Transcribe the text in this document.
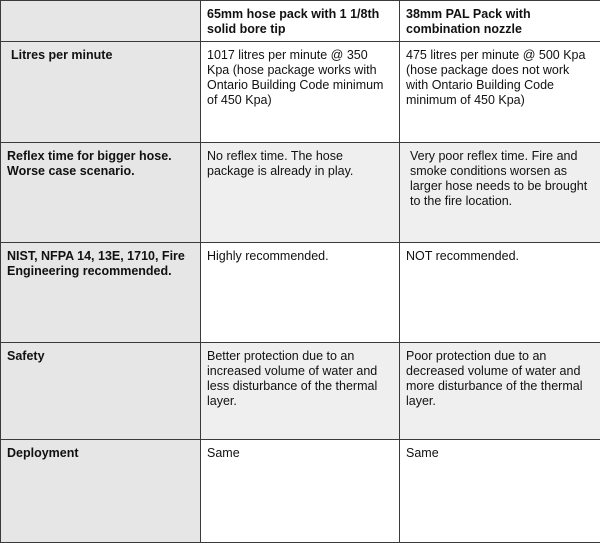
	65mm hose pack with 1 1/8th solid bore tip	38mm PAL Pack with combination nozzle

Litres per minute	1017 litres per minute @ 350 Kpa (hose package works with Ontario Building Code minimum of 450 Kpa)	475 litres per minute @ 500 Kpa (hose package does not work with Ontario Building Code minimum of 450 Kpa)

Reflex time for bigger hose. Worse case scenario.	No reflex time. The hose package is already in play.	Very poor reflex time. Fire and smoke conditions worsen as larger hose needs to be brought to the fire location.

NIST, NFPA 14, 13E, 1710, Fire Engineering recommended.	Highly recommended.	NOT recommended.

Safety	Better protection due to an increased volume of water and less disturbance of the thermal layer.	Poor protection due to an decreased volume of water and more disturbance of the thermal layer.

Deployment	Same	Same
